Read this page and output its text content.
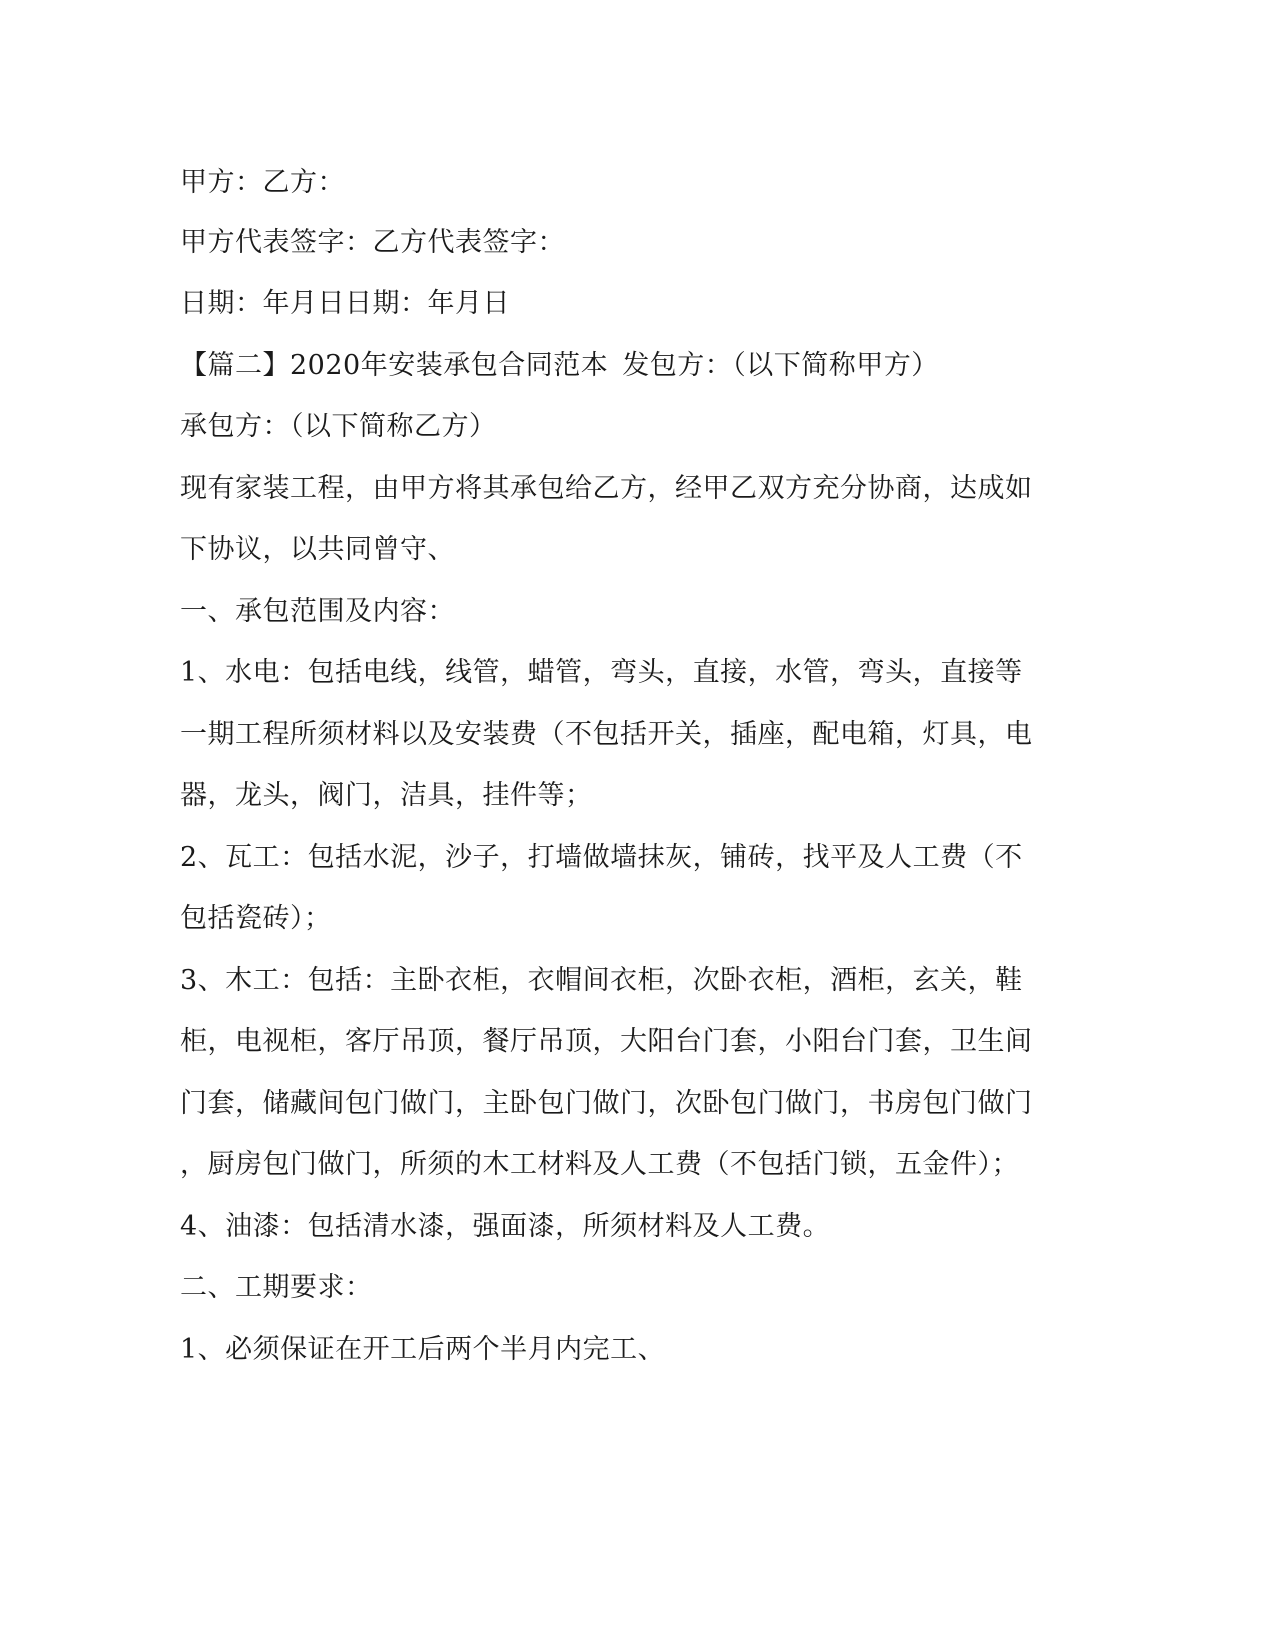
甲方：乙方：
甲方代表签字：乙方代表签字：
日期：年月日日期：年月日
【篇二】2020年安装承包合同范本 发包方：（以下简称甲方）
承包方：（以下简称乙方）
现有家装工程，由甲方将其承包给乙方，经甲乙双方充分协商，达成如
下协议，以共同曾守、
一、承包范围及内容：
1、水电：包括电线，线管，蜡管，弯头，直接，水管，弯头，直接等
一期工程所须材料以及安装费（不包括开关，插座，配电箱，灯具，电
器，龙头，阀门，洁具，挂件等；
2、瓦工：包括水泥，沙子，打墙做墙抹灰，铺砖，找平及人工费（不
包括瓷砖）；
3、木工：包括：主卧衣柜，衣帽间衣柜，次卧衣柜，酒柜，玄关，鞋
柜，电视柜，客厅吊顶，餐厅吊顶，大阳台门套，小阳台门套，卫生间
门套，储藏间包门做门，主卧包门做门，次卧包门做门，书房包门做门
，厨房包门做门，所须的木工材料及人工费（不包括门锁，五金件）；
4、油漆：包括清水漆，强面漆，所须材料及人工费。
二、工期要求：
1、必须保证在开工后两个半月内完工、
